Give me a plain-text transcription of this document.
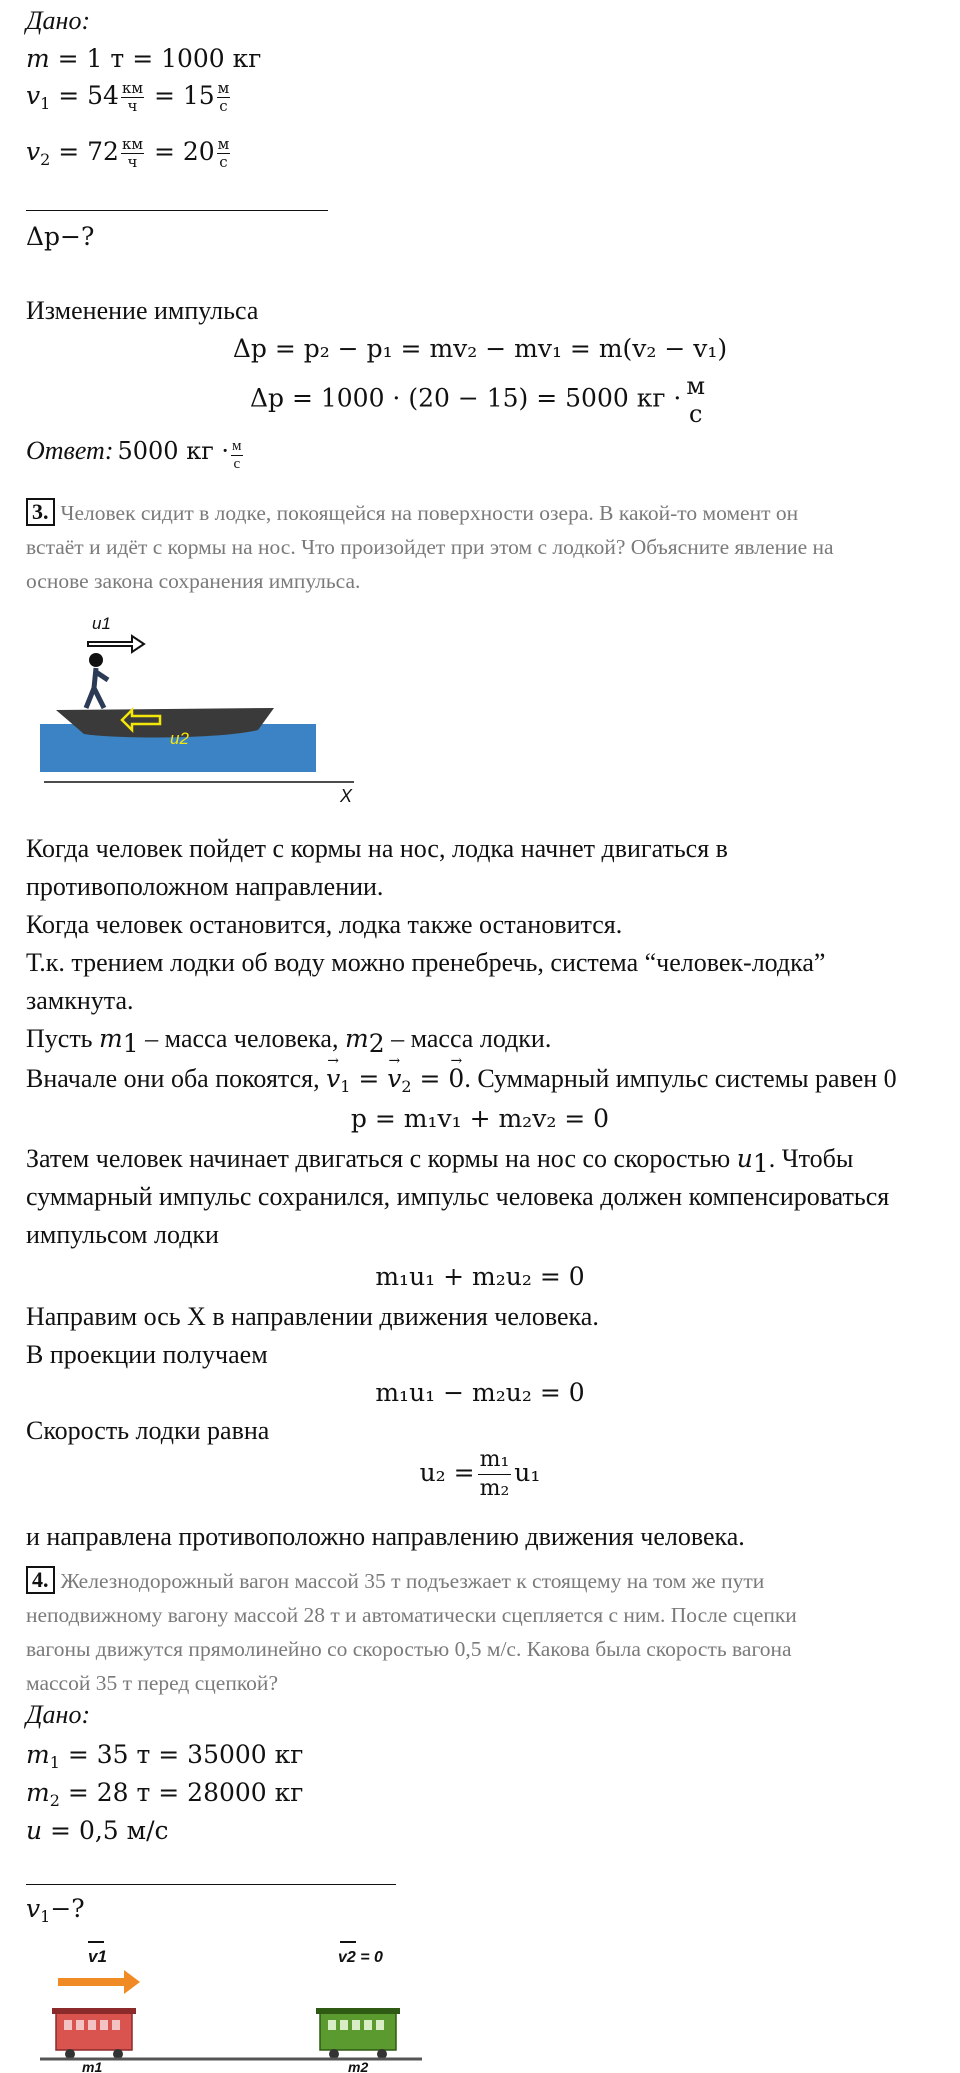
Дано:
m = 1 т = 1000 кг
$v_1 = 54 \frac{км}{ч} = 15 \frac{м}{с}$
$v_2 = 72 \frac{км}{ч} = 20 \frac{м}{с}$
Δp−?
Изменение импульса
Δp = p₂ − p₁ = mv₂ − mv₁ = m(v₂ − v₁)
Δp = 1000 · (20 − 15) = 5000 кг · м
с
Ответ: 5000 кг · $\frac{м}{с}$
3. Человек сидит в лодке, покоящейся на поверхности озера. В какой-то момент он
встаёт и идёт с кормы на нос. Что произойдет при этом с лодкой? Объясните явление на
основе закона сохранения импульса.
u1
u2
X
Когда человек пойдет с кормы на нос, лодка начнет двигаться в
противоположном направлении.
Когда человек остановится, лодка также остановится.
Т.к. трением лодки об воду можно пренебречь, система “человек-лодка”
замкнута.
Пусть $m_1$ – масса человека, $m_2$ – масса лодки.
Вначале они оба покоятся, → $v_1$ = → $v_2$ = → 0. Суммарный импульс системы равен 0
p = m₁v₁ + m₂v₂ = 0
Затем человек начинает двигаться с кормы на нос со скоростью $u_1$. Чтобы
суммарный импульс сохранился, импульс человека должен компенсироваться
импульсом лодки
m₁u₁ + m₂u₂ = 0
Направим ось X в направлении движения человека.
В проекции получаем
m₁u₁ − m₂u₂ = 0
Скорость лодки равна
$u_2 = \frac{\text{m₁}}{\text{m₂}} u_1$
и направлена противоположно направлению движения человека.
4. Железнодорожный вагон массой 35 т подъезжает к стоящему на том же пути
неподвижному вагону массой 28 т и автоматически сцепляется с ним. После сцепки
вагоны движутся прямолинейно со скоростью 0,5 м/с. Какова была скорость вагона
массой 35 т перед сцепкой?
Дано:
$m_1 = 35$ т = 35000 кг
$m_2 = 28$ т = 28000 кг
u = 0,5 м/с
$v_1-$?
v1	v2 = 0
m1	m2
